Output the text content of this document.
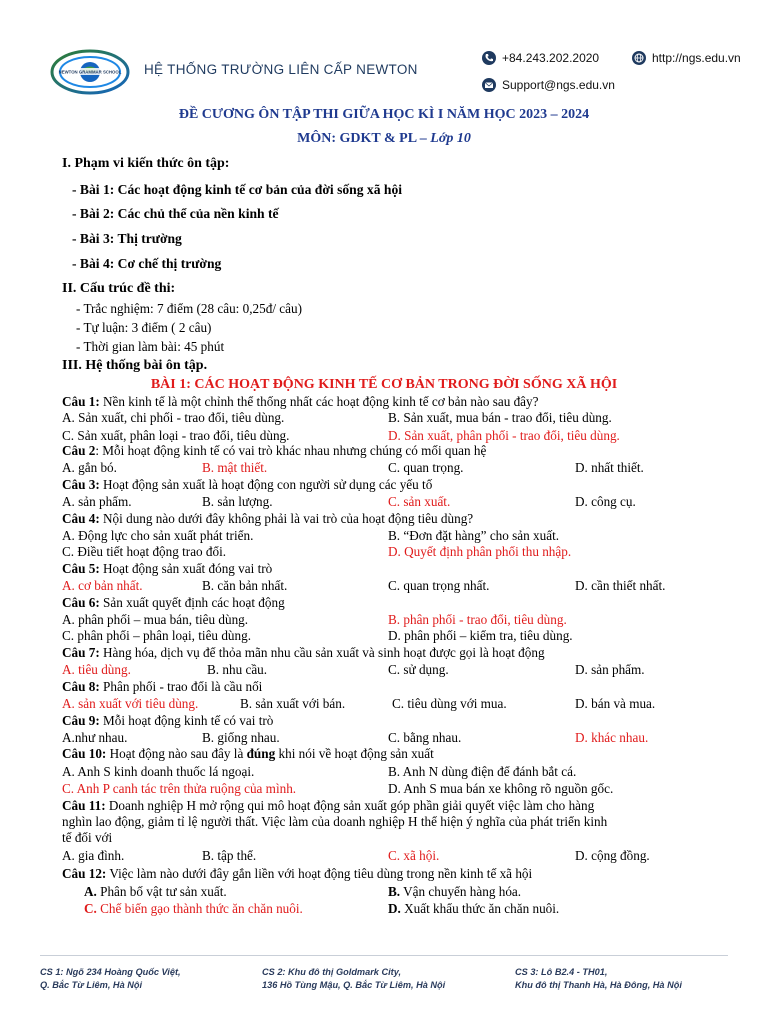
NEWTON GRAMMAR SCHOOL HỆ THỐNG TRƯỜNG LIÊN CẤP NEWTON
+84.243.202.2020	http://ngs.edu.vn
Support@ngs.edu.vn
ĐỀ CƯƠNG ÔN TẬP THI GIỮA HỌC KÌ I NĂM HỌC 2023 – 2024
MÔN: GDKT & PL – Lớp 10
I. Phạm vi kiến thức ôn tập:
- Bài 1: Các hoạt động kinh tế cơ bản của đời sống xã hội
- Bài 2: Các chủ thể của nền kinh tế
- Bài 3: Thị trường
- Bài 4: Cơ chế thị trường
II. Cấu trúc đề thi:
- Trắc nghiệm: 7 điểm (28 câu: 0,25đ/ câu)
- Tự luận: 3 điểm ( 2 câu)
- Thời gian làm bài: 45 phút
III. Hệ thống bài ôn tập.
BÀI 1: CÁC HOẠT ĐỘNG KINH TẾ CƠ BẢN TRONG ĐỜI SỐNG XÃ HỘI
Câu 1: Nền kinh tế là một chỉnh thể thống nhất các hoạt động kinh tế cơ bản nào sau đây?
A. Sản xuất, chi phối - trao đổi, tiêu dùng.	B. Sản xuất, mua bán - trao đổi, tiêu dùng.
C. Sản xuất, phân loại - trao đổi, tiêu dùng.	D. Sản xuất, phân phối - trao đổi, tiêu dùng.
Câu 2: Mỗi hoạt động kinh tế có vai trò khác nhau nhưng chúng có mối quan hệ
A. gắn bó.	B. mật thiết.	C. quan trọng.	D. nhất thiết.
Câu 3: Hoạt động sản xuất là hoạt động con người sử dụng các yếu tố
A. sản phẩm.	B. sản lượng.	C. sản xuất.	D. công cụ.
Câu 4: Nội dung nào dưới đây không phải là vai trò của hoạt động tiêu dùng?
A. Động lực cho sản xuất phát triển.	B. “Đơn đặt hàng” cho sản xuất.
C. Điều tiết hoạt động trao đổi.	D. Quyết định phân phối thu nhập.
Câu 5: Hoạt động sản xuất đóng vai trò
A. cơ bản nhất.	B. căn bản nhất.	C. quan trọng nhất.	D. cần thiết nhất.
Câu 6: Sản xuất quyết định các hoạt động
A. phân phối – mua bán, tiêu dùng.	B. phân phối - trao đổi, tiêu dùng.
C. phân phối – phân loại, tiêu dùng.	D. phân phối – kiểm tra, tiêu dùng.
Câu 7: Hàng hóa, dịch vụ để thỏa mãn nhu cầu sản xuất và sinh hoạt được gọi là hoạt động
A. tiêu dùng.	B. nhu cầu.	C. sử dụng.	D. sản phẩm.
Câu 8: Phân phối - trao đổi là cầu nối
A. sản xuất với tiêu dùng.	B. sản xuất với bán.	C. tiêu dùng với mua.	D. bán và mua.
Câu 9: Mỗi hoạt động kinh tế có vai trò
A.như nhau.	B. giống nhau.	C. bằng nhau.	D. khác nhau.
Câu 10: Hoạt động nào sau đây là đúng khi nói về hoạt động sản xuất
A. Anh S kinh doanh thuốc lá ngoại.	B. Anh N dùng điện để đánh bắt cá.
C. Anh P canh tác trên thửa ruộng của mình.	D. Anh S mua bán xe không rõ nguồn gốc.
Câu 11: Doanh nghiệp H mở rộng qui mô hoạt động sản xuất góp phần giải quyết việc làm cho hàng
nghìn lao động, giảm tỉ lệ người thất. Việc làm của doanh nghiệp H thể hiện ý nghĩa của phát triển kinh
tế đối với
A. gia đình.	B. tập thể.	C. xã hội.	D. cộng đồng.
Câu 12: Việc làm nào dưới đây gắn liền với hoạt động tiêu dùng trong nền kinh tế xã hội
A. Phân bố vật tư sản xuất.	B. Vận chuyển hàng hóa.
C. Chế biến gạo thành thức ăn chăn nuôi.	D. Xuất khẩu thức ăn chăn nuôi.
CS 1: Ngõ 234 Hoàng Quốc Việt,
Q. Bắc Từ Liêm, Hà Nội
CS 2: Khu đô thị Goldmark City,
136 Hồ Tùng Mậu, Q. Bắc Từ Liêm, Hà Nội
CS 3: Lô B2.4 - TH01,
Khu đô thị Thanh Hà, Hà Đông, Hà Nội
